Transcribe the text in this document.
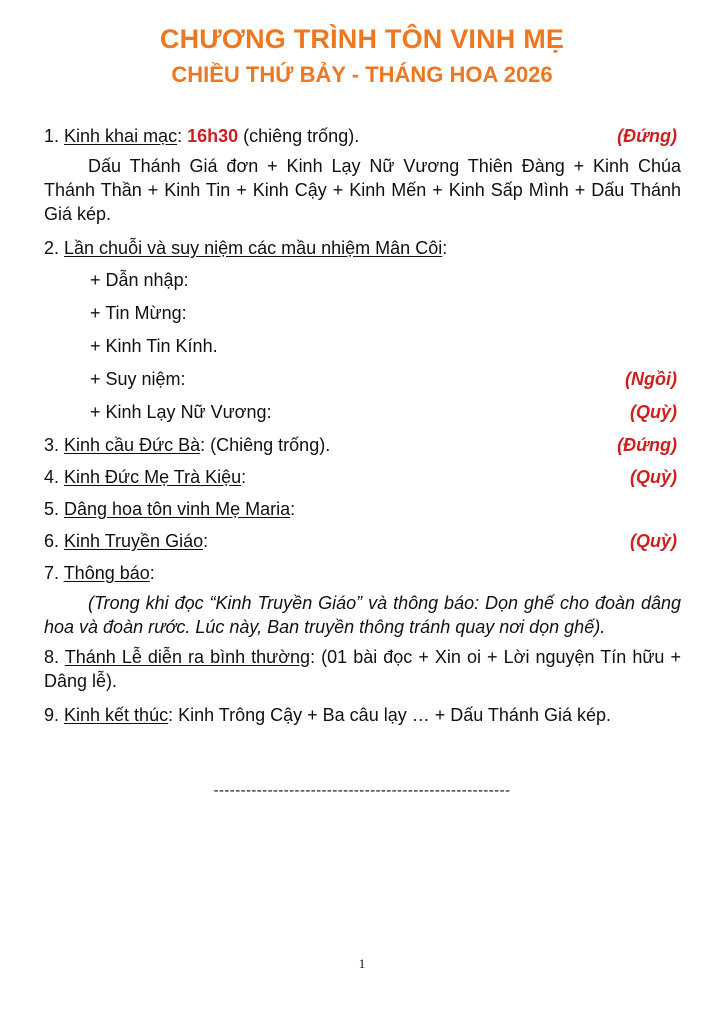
CHƯƠNG TRÌNH TÔN VINH MẸ
CHIỀU THỨ BẢY - THÁNG HOA 2026
1. Kinh khai mạc: 16h30 (chiêng trống).	(Đứng)
Dấu Thánh Giá đơn + Kinh Lạy Nữ Vương Thiên Đàng + Kinh Chúa Thánh Thần + Kinh Tin + Kinh Cậy + Kinh Mến + Kinh Sấp Mình + Dấu Thánh Giá kép.
2. Lần chuỗi và suy niệm các mầu nhiệm Mân Côi:
+ Dẫn nhập:
+ Tin Mừng:
+ Kinh Tin Kính.
+ Suy niệm:	(Ngồi)
+ Kinh Lạy Nữ Vương:	(Quỳ)
3. Kinh cầu Đức Bà: (Chiêng trống).	(Đứng)
4. Kinh Đức Mẹ Trà Kiệu:	(Quỳ)
5. Dâng hoa tôn vinh Mẹ Maria:
6. Kinh Truyền Giáo:	(Quỳ)
7. Thông báo:
(Trong khi đọc “Kinh Truyền Giáo” và thông báo: Dọn ghế cho đoàn dâng hoa và đoàn rước. Lúc này, Ban truyền thông tránh quay nơi dọn ghế).
8. Thánh Lễ diễn ra bình thường: (01 bài đọc + Xin oi + Lời nguyện Tín hữu + Dâng lễ).
9. Kinh kết thúc: Kinh Trông Cậy + Ba câu lạy … + Dấu Thánh Giá kép.
-------------------------------------------------------
1
